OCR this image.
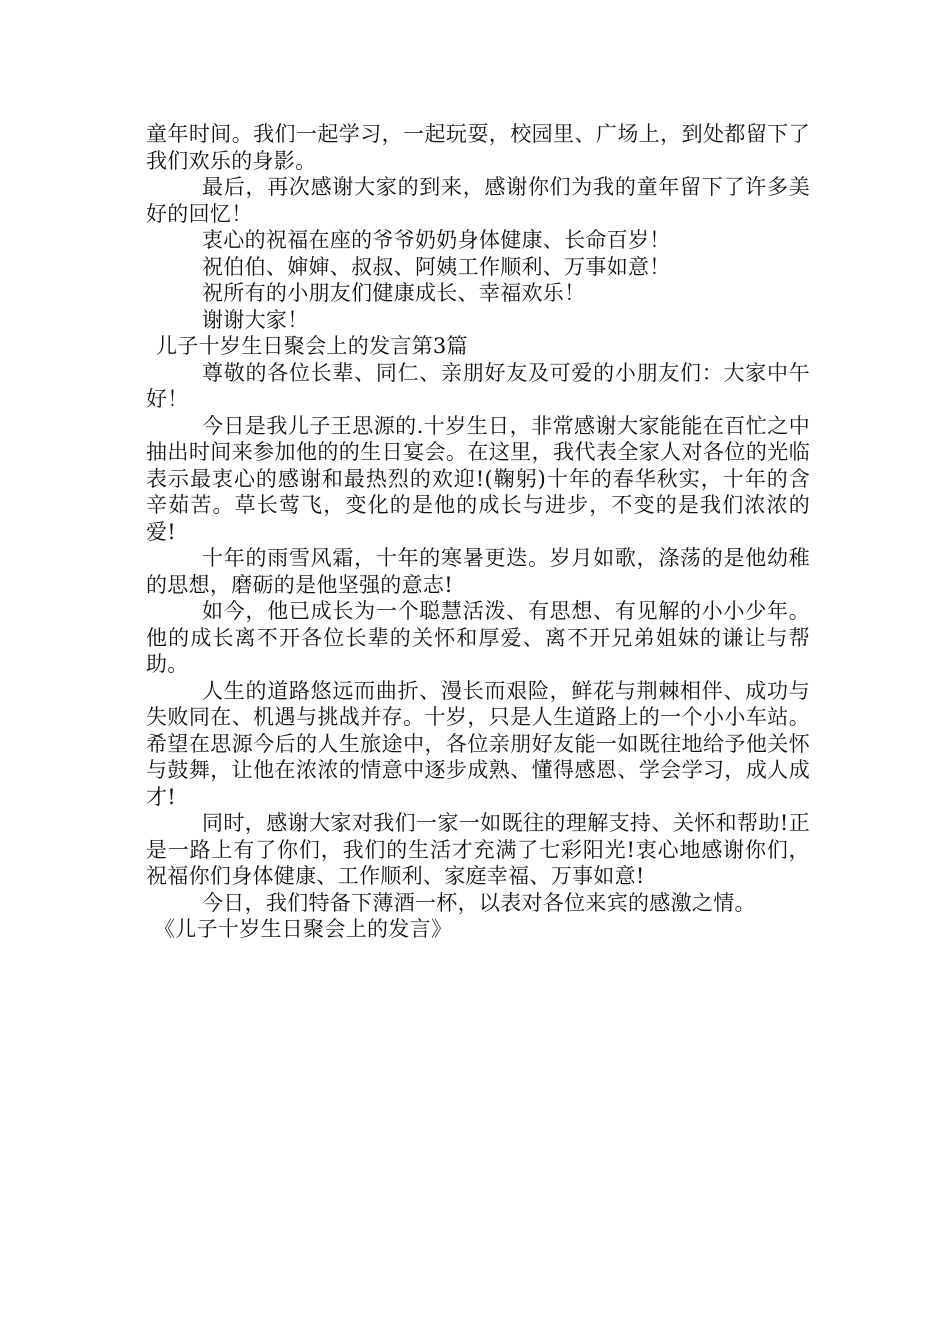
童年时间。我们一起学习，一起玩耍，校园里、广场上，到处都留下了我们欢乐的身影。

最后，再次感谢大家的到来，感谢你们为我的童年留下了许多美好的回忆！

衷心的祝福在座的爷爷奶奶身体健康、长命百岁！

祝伯伯、婶婶、叔叔、阿姨工作顺利、万事如意！

祝所有的小朋友们健康成长、幸福欢乐！

谢谢大家！

儿子十岁生日聚会上的发言第3篇

尊敬的各位长辈、同仁、亲朋好友及可爱的小朋友们：大家中午好！

今日是我儿子王思源的.十岁生日，非常感谢大家能能在百忙之中抽出时间来参加他的的生日宴会。在这里，我代表全家人对各位的光临表示最衷心的感谢和最热烈的欢迎!(鞠躬)十年的春华秋实，十年的含辛茹苦。草长莺飞，变化的是他的成长与进步，不变的是我们浓浓的爱!

十年的雨雪风霜，十年的寒暑更迭。岁月如歌，涤荡的是他幼稚的思想，磨砺的是他坚强的意志!

如今，他已成长为一个聪慧活泼、有思想、有见解的小小少年。他的成长离不开各位长辈的关怀和厚爱、离不开兄弟姐妹的谦让与帮助。

人生的道路悠远而曲折、漫长而艰险，鲜花与荆棘相伴、成功与失败同在、机遇与挑战并存。十岁，只是人生道路上的一个小小车站。希望在思源今后的人生旅途中，各位亲朋好友能一如既往地给予他关怀与鼓舞，让他在浓浓的情意中逐步成熟、懂得感恩、学会学习，成人成才!

同时，感谢大家对我们一家一如既往的理解支持、关怀和帮助!正是一路上有了你们，我们的生活才充满了七彩阳光!衷心地感谢你们，祝福你们身体健康、工作顺利、家庭幸福、万事如意!

今日，我们特备下薄酒一杯，以表对各位来宾的感激之情。

《儿子十岁生日聚会上的发言》
